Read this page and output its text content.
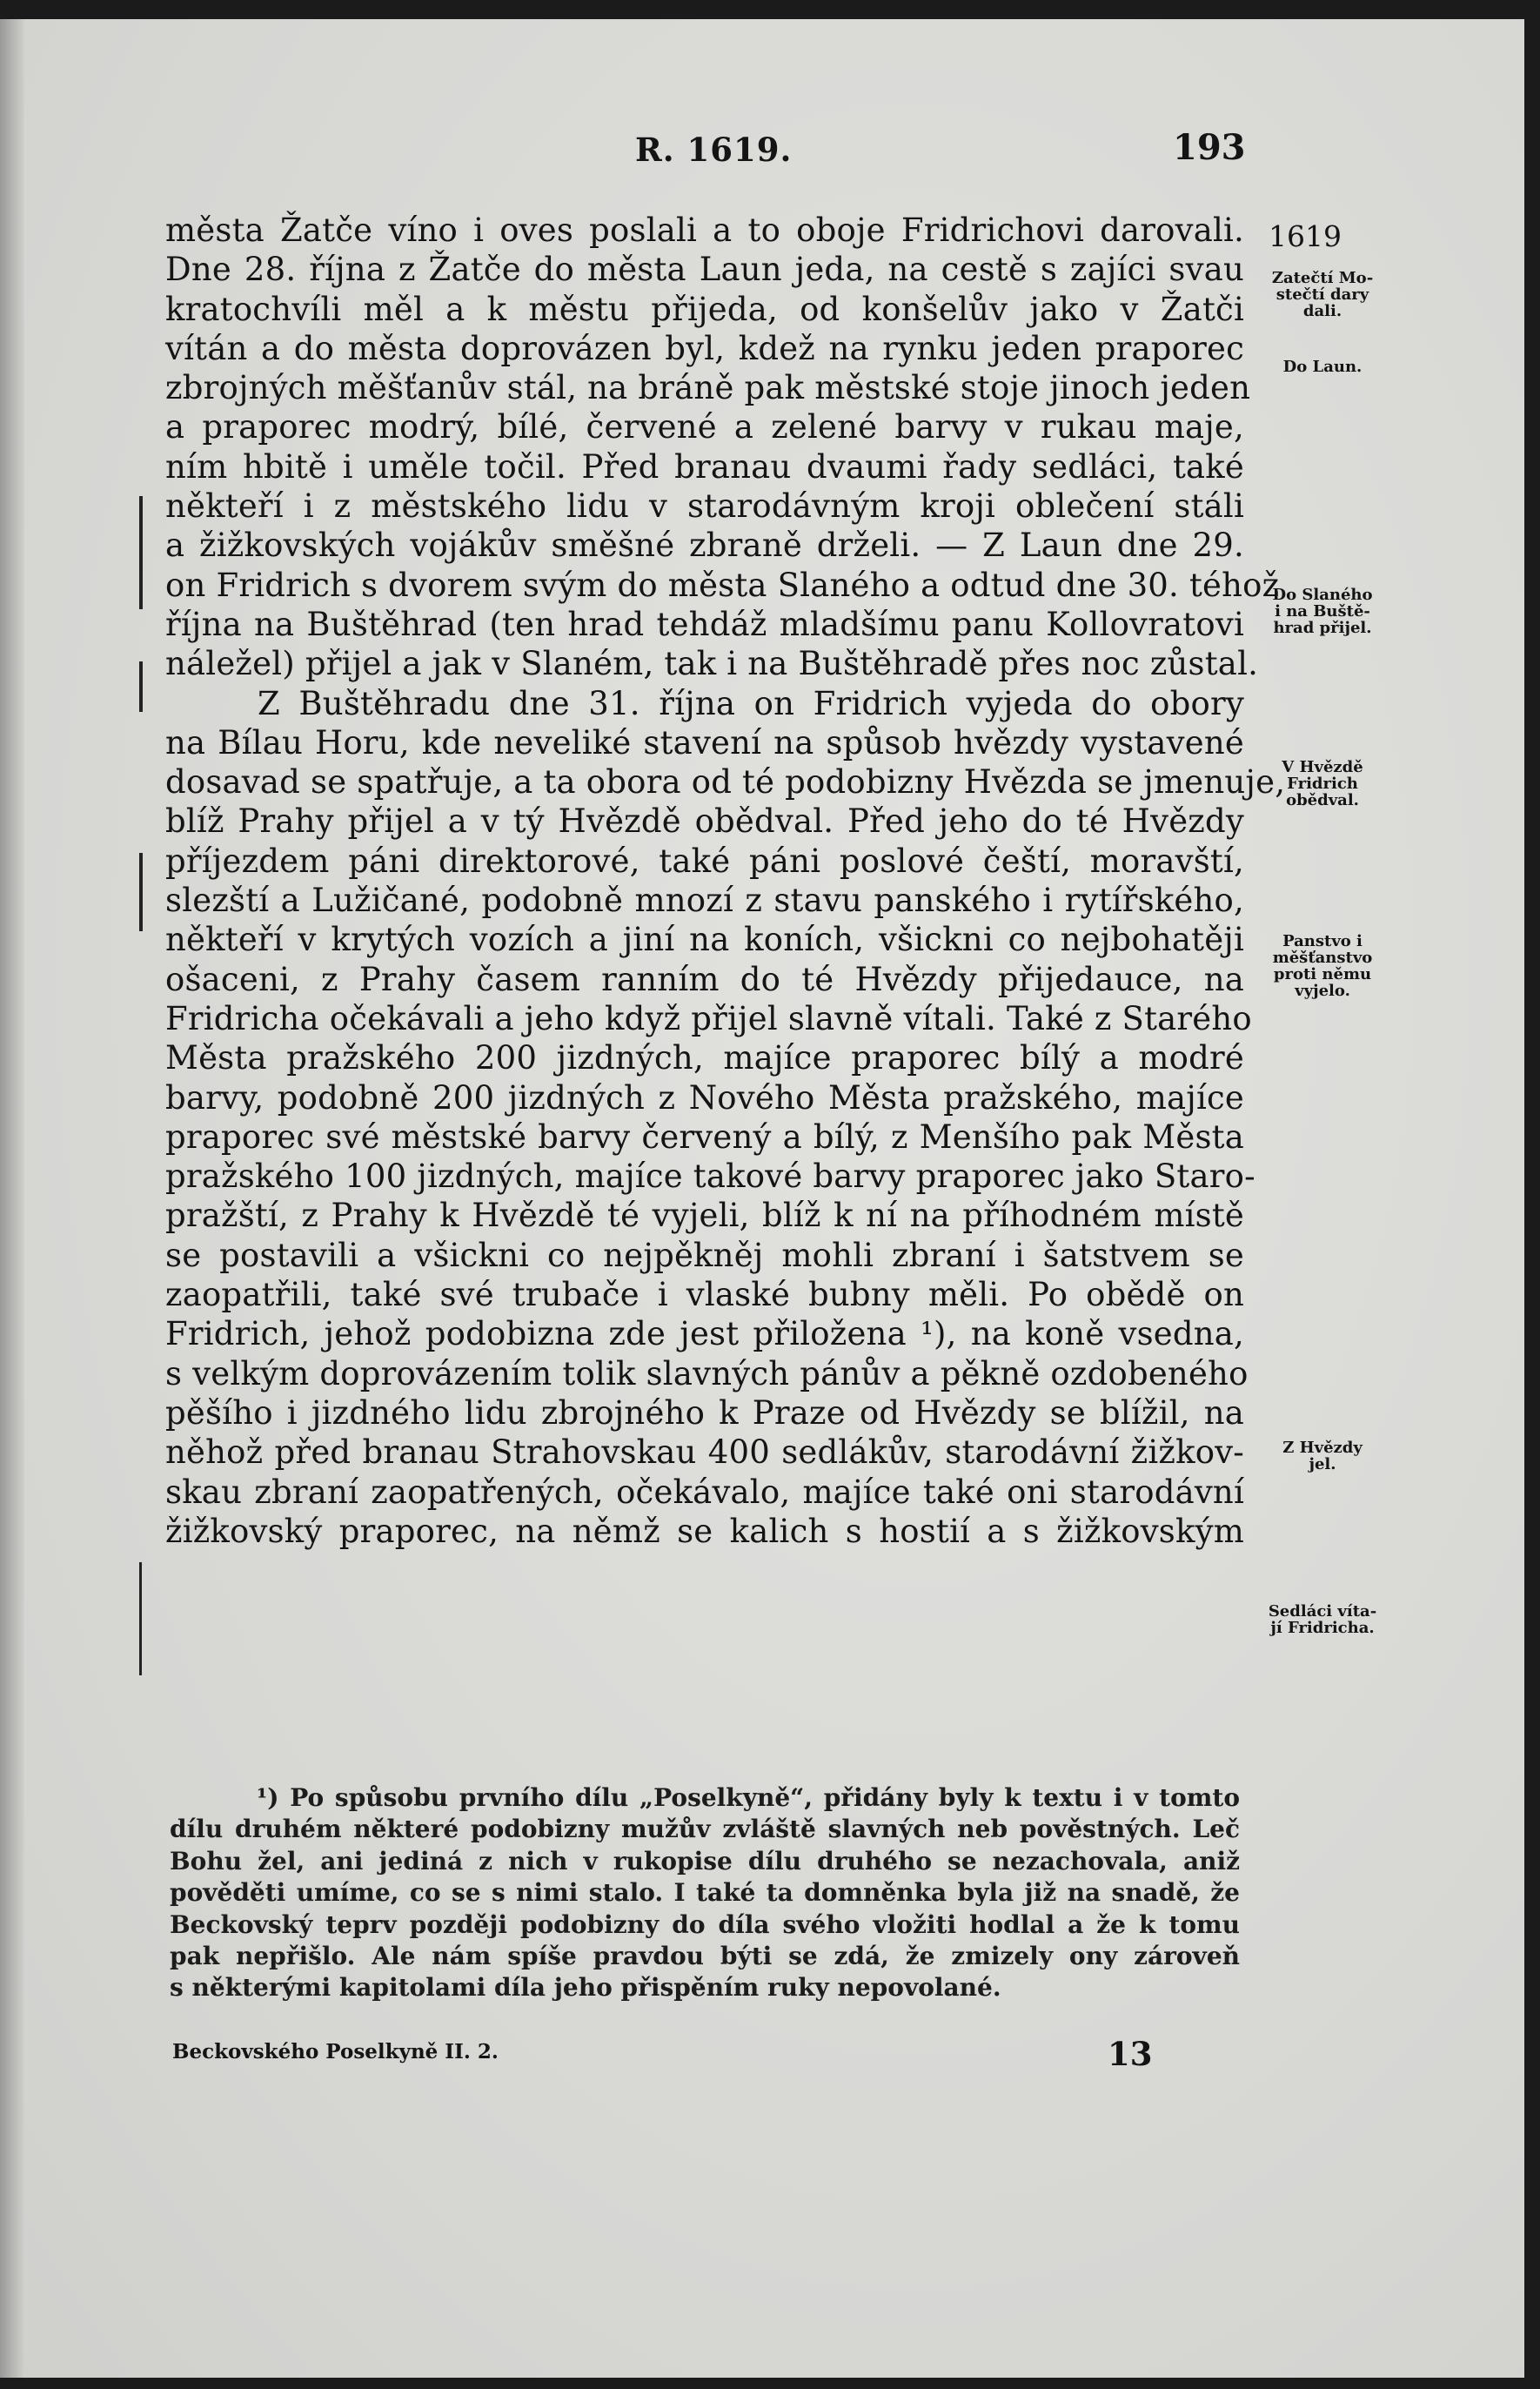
R. 1619.	193
města Žatče víno i oves poslali a to oboje Fridrichovi darovali.
Dne 28. října z Žatče do města Laun jeda, na cestě s zajíci svau
kratochvíli měl a k městu přijeda, od konšelův jako v Žatči
vítán a do města doprovázen byl, kdež na rynku jeden praporec
zbrojných měšťanův stál, na bráně pak městské stoje jinoch jeden
a praporec modrý, bílé, červené a zelené barvy v rukau maje,
ním hbitě i uměle točil. Před branau dvaumi řady sedláci, také
někteří i z městského lidu v starodávným kroji oblečení stáli
a žižkovských vojákův směšné zbraně drželi. — Z Laun dne 29.
on Fridrich s dvorem svým do města Slaného a odtud dne 30. téhož
října na Buštěhrad (ten hrad tehdáž mladšímu panu Kollovratovi
náležel) přijel a jak v Slaném, tak i na Buštěhradě přes noc zůstal.
Z Buštěhradu dne 31. října on Fridrich vyjeda do obory
na Bílau Horu, kde neveliké stavení na spůsob hvězdy vystavené
dosavad se spatřuje, a ta obora od té podobizny Hvězda se jmenuje,
blíž Prahy přijel a v tý Hvězdě obědval. Před jeho do té Hvězdy
příjezdem páni direktorové, také páni poslové čeští, moravští,
slezští a Lužičané, podobně mnozí z stavu panského i rytířského,
někteří v krytých vozích a jiní na koních, všickni co nejbohatěji
ošaceni, z Prahy časem ranním do té Hvězdy přijedauce, na
Fridricha očekávali a jeho když přijel slavně vítali. Také z Starého
Města pražského 200 jizdných, majíce praporec bílý a modré
barvy, podobně 200 jizdných z Nového Města pražského, majíce
praporec své městské barvy červený a bílý, z Menšího pak Města
pražského 100 jizdných, majíce takové barvy praporec jako Staro-
pražští, z Prahy k Hvězdě té vyjeli, blíž k ní na příhodném místě
se postavili a všickni co nejpěkněj mohli zbraní i šatstvem se
zaopatřili, také své trubače i vlaské bubny měli. Po obědě on
Fridrich, jehož podobizna zde jest přiložena ¹), na koně vsedna,
s velkým doprovázením tolik slavných pánův a pěkně ozdobeného
pěšího i jizdného lidu zbrojného k Praze od Hvězdy se blížil, na
něhož před branau Strahovskau 400 sedlákův, starodávní žižkov-
skau zbraní zaopatřených, očekávalo, majíce také oni starodávní
žižkovský praporec, na němž se kalich s hostií a s žižkovským
1619
Zatečtí Mo-
stečtí dary
dali.
Do Laun.
Do Slaného
i na Buště-
hrad přijel.
V Hvězdě
Fridrich
obědval.
Panstvo i
měšťanstvo
proti němu
vyjelo.
Z Hvězdy
jel.
Sedláci víta-
jí Fridricha.
¹) Po spůsobu prvního dílu „Poselkyně“, přidány byly k textu i v tomto
dílu druhém některé podobizny mužův zvláště slavných neb pověstných. Leč
Bohu žel, ani jediná z nich v rukopise dílu druhého se nezachovala, aniž
pověděti umíme, co se s nimi stalo. I také ta domněnka byla již na snadě, že
Beckovský teprv později podobizny do díla svého vložiti hodlal a že k tomu
pak nepřišlo. Ale nám spíše pravdou býti se zdá, že zmizely ony zároveň
s některými kapitolami díla jeho přispěním ruky nepovolané.
Beckovského Poselkyně II. 2.	13
